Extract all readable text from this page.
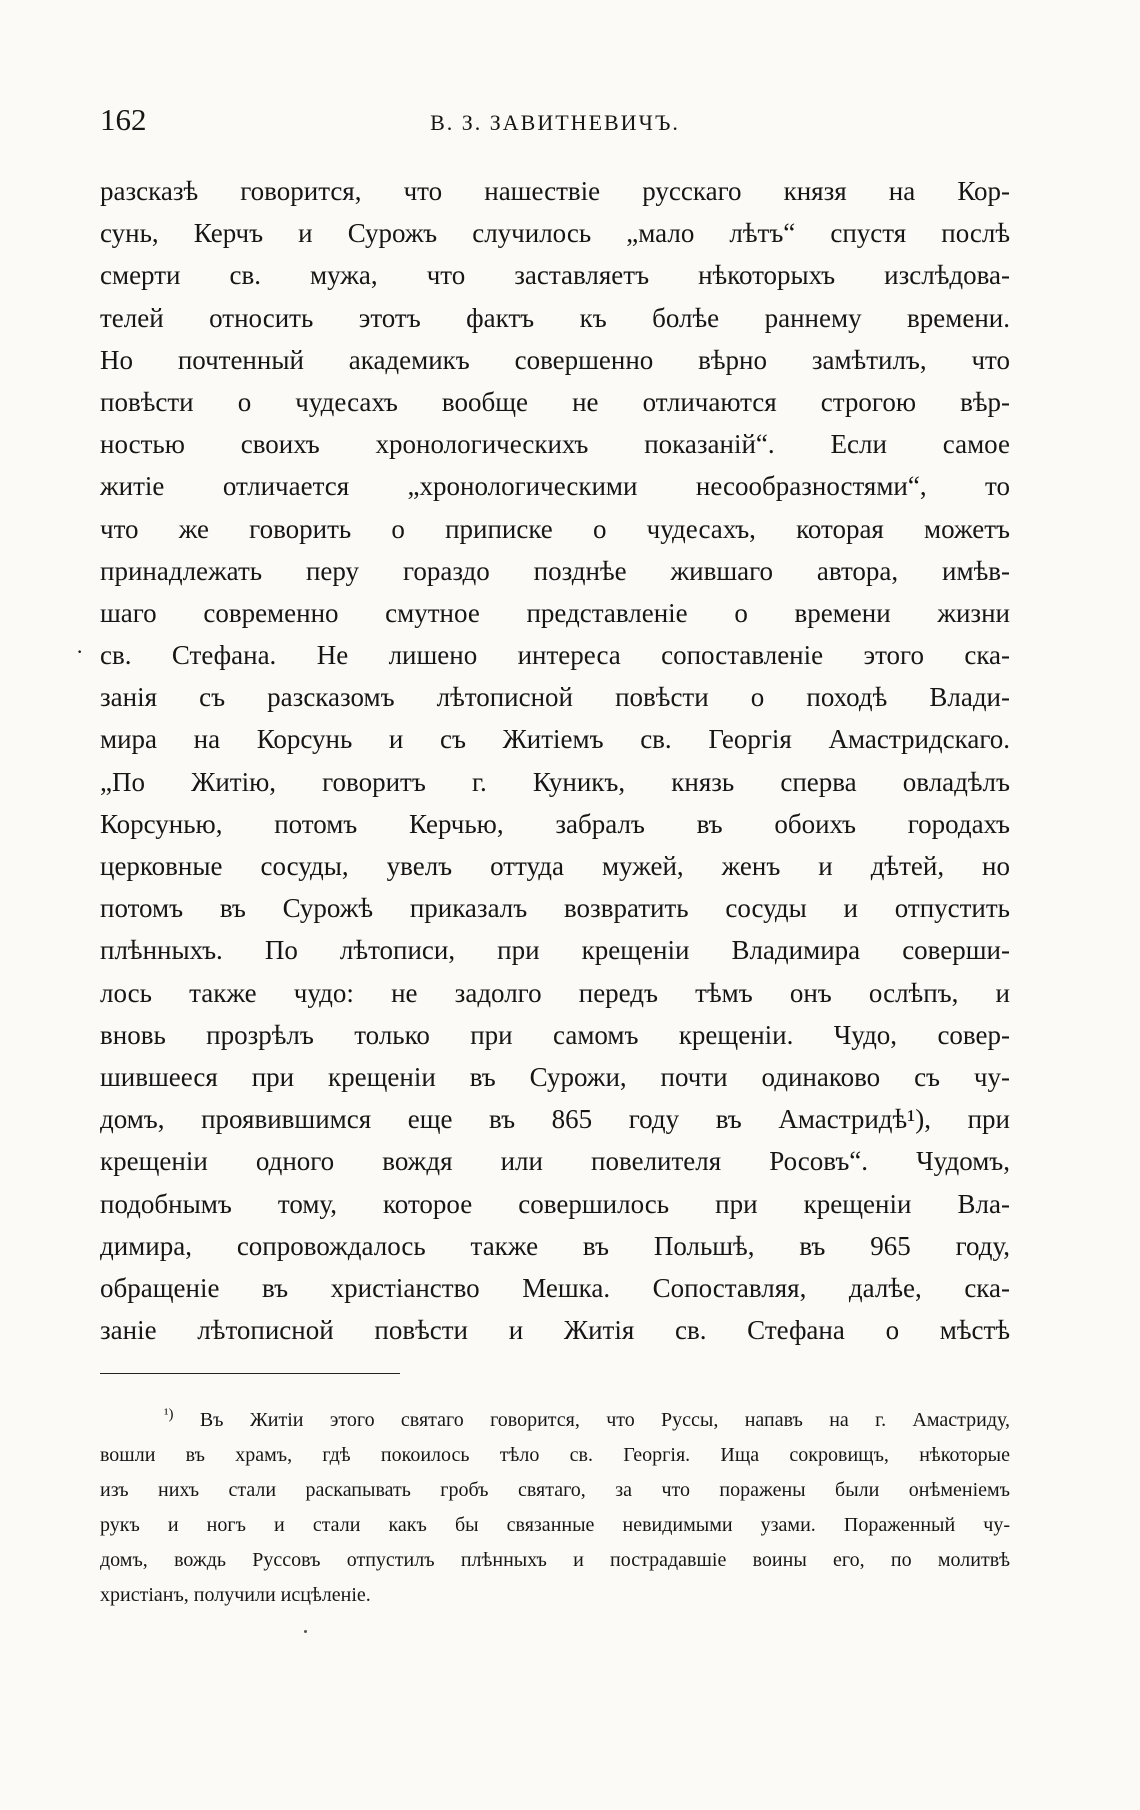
162	В. З. ЗАВИТНЕВИЧЪ.
·
разсказѣ говорится, что нашествіе русскаго князя на Кор-
сунь, Керчъ и Сурожъ случилось „мало лѣтъ“ спустя послѣ
смерти св. мужа, что заставляетъ нѣкоторыхъ изслѣдова-
телей относить этотъ фактъ къ болѣе раннему времени.
Но почтенный академикъ совершенно вѣрно замѣтилъ, что
повѣсти о чудесахъ вообще не отличаются строгою вѣр-
ностью своихъ хронологическихъ показаній“. Если самое
житіе отличается „хронологическими несообразностями“, то
что же говорить о приписке о чудесахъ, которая можетъ
принадлежать перу гораздо позднѣе жившаго автора, имѣв-
шаго современно смутное представленіе о времени жизни
св. Стефана. Не лишено интереса сопоставленіе этого ска-
занія съ разсказомъ лѣтописной повѣсти о походѣ Влади-
мира на Корсунь и съ Житіемъ св. Георгія Амастридскаго.
„По Житію, говоритъ г. Куникъ, князь сперва овладѣлъ
Корсунью, потомъ Керчью, забралъ въ обоихъ городахъ
церковные сосуды, увелъ оттуда мужей, женъ и дѣтей, но
потомъ въ Сурожѣ приказалъ возвратить сосуды и отпустить
плѣнныхъ. По лѣтописи, при крещеніи Владимира соверши-
лось также чудо: не задолго передъ тѣмъ онъ ослѣпъ, и
вновь прозрѣлъ только при самомъ крещеніи. Чудо, совер-
шившееся при крещеніи въ Сурожи, почти одинаково съ чу-
домъ, проявившимся еще въ 865 году въ Амастридѣ¹), при
крещеніи одного вождя или повелителя Росовъ“. Чудомъ,
подобнымъ тому, которое совершилось при крещеніи Вла-
димира, сопровождалось также въ Польшѣ, въ 965 году,
обращеніе въ христіанство Мешка. Сопоставляя, далѣе, ска-
заніе лѣтописной повѣсти и Житія св. Стефана о мѣстѣ
$^{^1)}$ Въ Житіи этого святаго говорится, что Руссы, напавъ на г. Амастриду,
вошли въ храмъ, гдѣ покоилось тѣло св. Георгія. Ища сокровищъ, нѣкоторые
изъ нихъ стали раскапывать гробъ святаго, за что поражены были онѣменіемъ
рукъ и ногъ и стали какъ бы связанные невидимыми узами. Пораженный чу-
домъ, вождь Руссовъ отпустилъ плѣнныхъ и пострадавшіе воины его, по молитвѣ
христіанъ, получили исцѣленіе.
